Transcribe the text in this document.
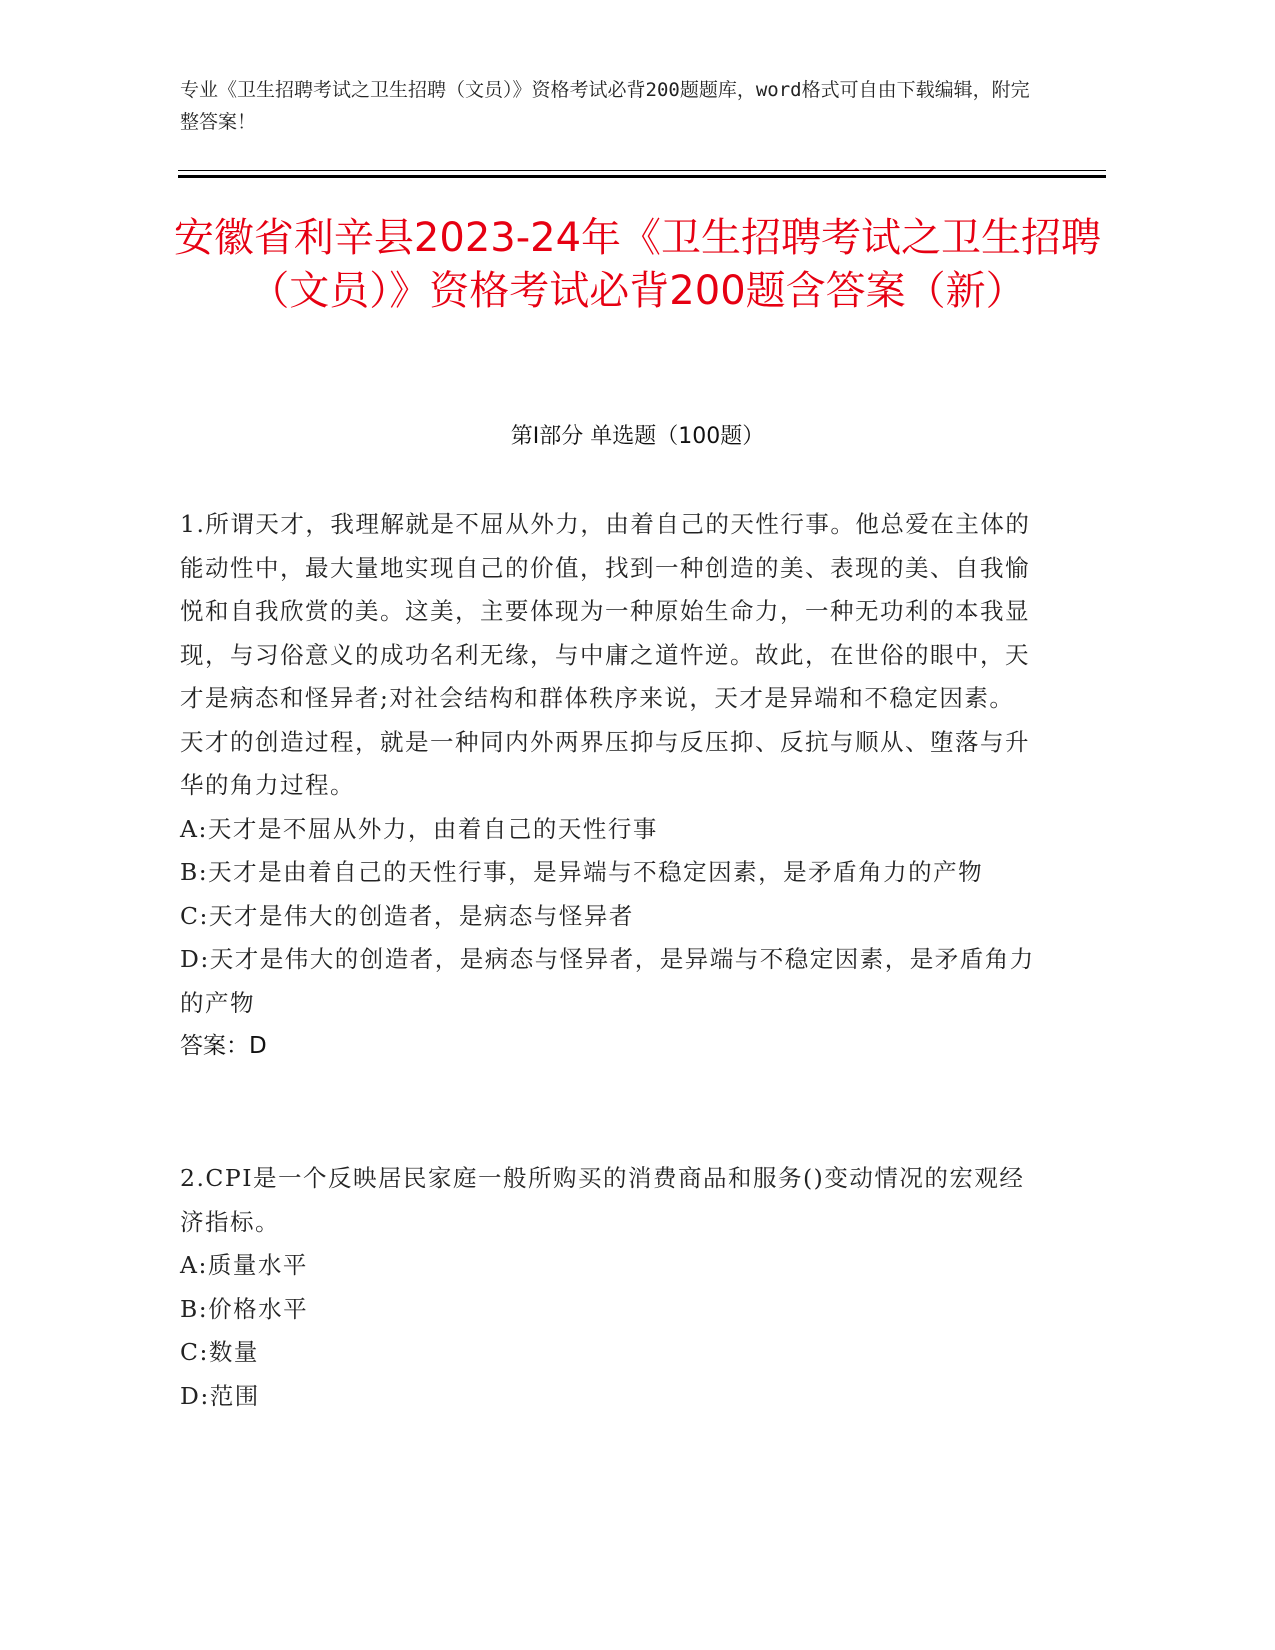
专业《卫生招聘考试之卫生招聘（文员）》资格考试必背200题题库，word格式可自由下载编辑，附完整答案！
安徽省利辛县2023-24年《卫生招聘考试之卫生招聘（文员）》资格考试必背200题含答案（新）
第I部分 单选题（100题）

1.所谓天才，我理解就是不屈从外力，由着自己的天性行事。他总爱在主体的能动性中，最大量地实现自己的价值，找到一种创造的美、表现的美、自我愉悦和自我欣赏的美。这美，主要体现为一种原始生命力，一种无功利的本我显现，与习俗意义的成功名利无缘，与中庸之道忤逆。故此，在世俗的眼中，天才是病态和怪异者;对社会结构和群体秩序来说，天才是异端和不稳定因素。天才的创造过程，就是一种同内外两界压抑与反压抑、反抗与顺从、堕落与升华的角力过程。

A:天才是不屈从外力，由着自己的天性行事

B:天才是由着自己的天性行事，是异端与不稳定因素，是矛盾角力的产物

C:天才是伟大的创造者，是病态与怪异者

D:天才是伟大的创造者，是病态与怪异者，是异端与不稳定因素，是矛盾角力的产物

答案：D

2.CPI是一个反映居民家庭一般所购买的消费商品和服务()变动情况的宏观经济指标。

A:质量水平

B:价格水平

C:数量

D:范围
